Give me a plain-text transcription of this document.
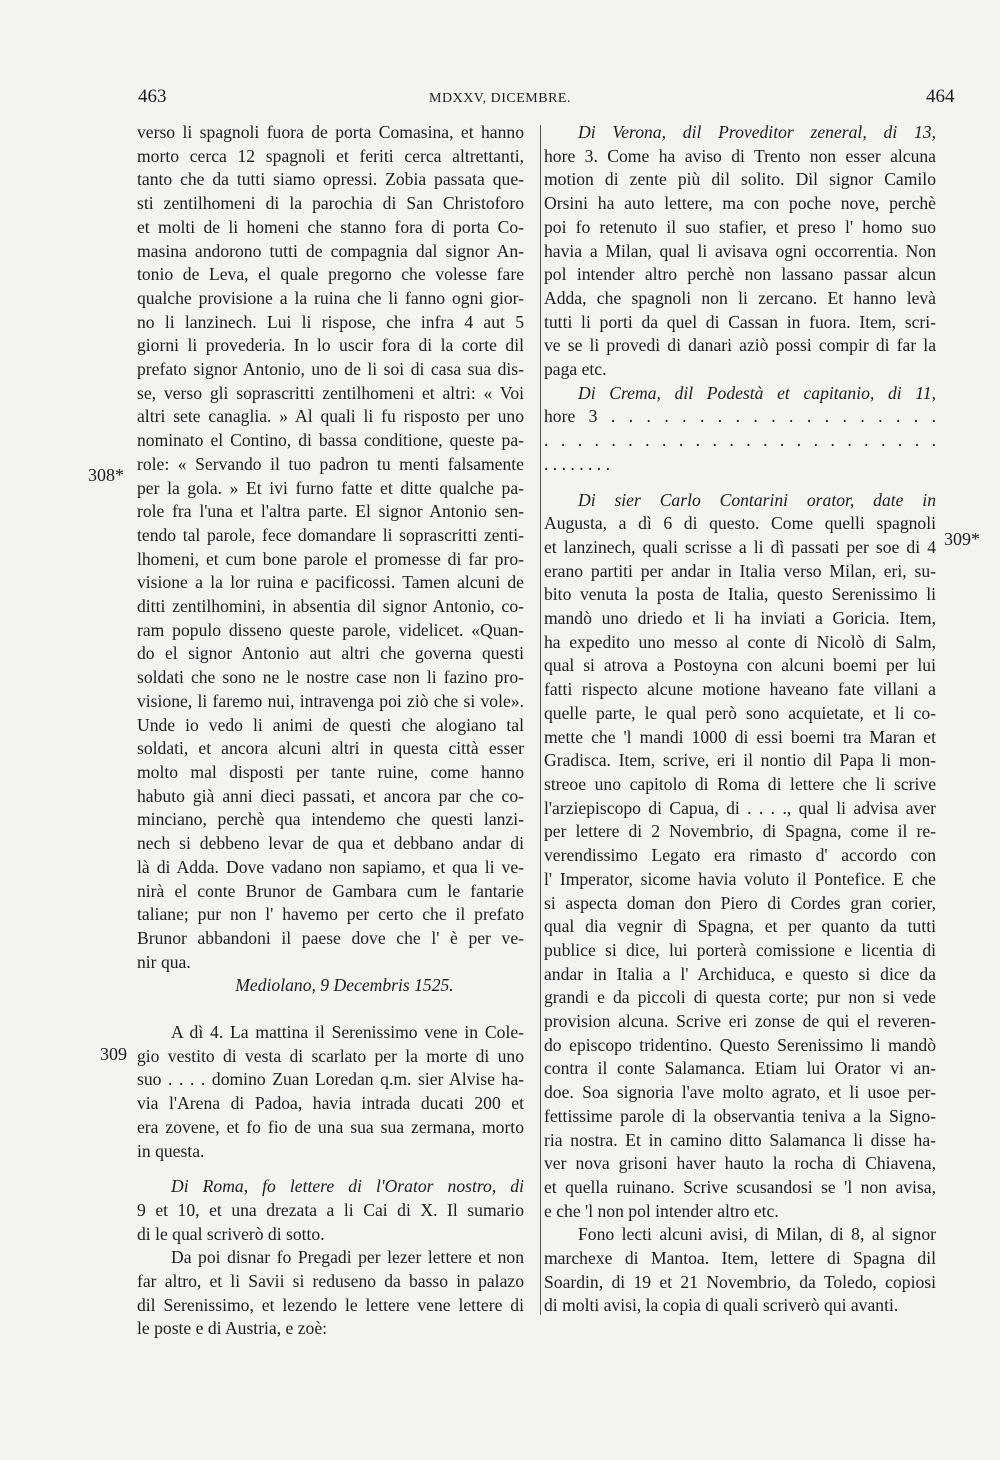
463	MDXXV, DICEMBRE.	464
308*
309
309*
verso li spagnoli fuora de porta Comasina, et hanno
morto cerca 12 spagnoli et feriti cerca altrettanti,
tanto che da tutti siamo opressi. Zobia passata que-
sti zentilhomeni di la parochia di San Christoforo
et molti de li homeni che stanno fora di porta Co-
masina andorono tutti de compagnia dal signor An-
tonio de Leva, el quale pregorno che volesse fare
qualche provisione a la ruina che li fanno ogni gior-
no li lanzinech. Lui li rispose, che infra 4 aut 5
giorni li provederia. In lo uscir fora di la corte dil
prefato signor Antonio, uno de li soi di casa sua dis-
se, verso gli soprascritti zentilhomeni et altri: « Voi
altri sete canaglia. » Al quali li fu risposto per uno
nominato el Contino, di bassa conditione, queste pa-
role: « Servando il tuo padron tu menti falsamente
per la gola. » Et ivi furno fatte et ditte qualche pa-
role fra l'una et l'altra parte. El signor Antonio sen-
tendo tal parole, fece domandare li soprascritti zenti-
lhomeni, et cum bone parole el promesse di far pro-
visione a la lor ruina e pacificossi. Tamen alcuni de
ditti zentilhomini, in absentia dil signor Antonio, co-
ram populo disseno queste parole, videlicet. «Quan-
do el signor Antonio aut altri che governa questi
soldati che sono ne le nostre case non li fazino pro-
visione, li faremo nui, intravenga poi ziò che si vole».
Unde io vedo li animi de questi che alogiano tal
soldati, et ancora alcuni altri in questa città esser
molto mal disposti per tante ruine, come hanno
habuto già anni dieci passati, et ancora par che co-
minciano, perchè qua intendemo che questi lanzi-
nech si debbeno levar de qua et debbano andar di
là di Adda. Dove vadano non sapiamo, et qua li ve-
nirà el conte Brunor de Gambara cum le fantarie
taliane; pur non l' havemo per certo che il prefato
Brunor abbandoni il paese dove che l' è per ve-
nir qua.
Mediolano, 9 Decembris 1525.
A dì 4. La mattina il Serenissimo vene in Cole-
gio vestito di vesta di scarlato per la morte di uno
suo . . . . domino Zuan Loredan q.m. sier Alvise ha-
via l'Arena di Padoa, havia intrada ducati 200 et
era zovene, et fo fio de una sua sua zermana, morto
in questa.
Di Roma, fo lettere di l'Orator nostro, di
9 et 10, et una drezata a li Cai di X. Il sumario
di le qual scriverò di sotto.
Da poi disnar fo Pregadi per lezer lettere et non
far altro, et li Savii si reduseno da basso in palazo
dil Serenissimo, et lezendo le lettere vene lettere di
le poste e di Austria, e zoè:
Di Verona, dil Proveditor zeneral, di 13,
hore 3. Come ha aviso di Trento non esser alcuna
motion di zente più dil solito. Dil signor Camilo
Orsini ha auto lettere, ma con poche nove, perchè
poi fo retenuto il suo stafier, et preso l' homo suo
havia a Milan, qual li avisava ogni occorrentia. Non
pol intender altro perchè non lassano passar alcun
Adda, che spagnoli non li zercano. Et hanno levà
tutti li porti da quel di Cassan in fuora. Item, scri-
ve se li provedi di danari aziò possi compir di far la
paga etc.
Di Crema, dil Podestà et capitanio, di 11,
hore 3 . . . . . . . . . . . . . . . . . . .
. . . . . . . . . . . . . . . . . . . . . . . .
. . . . . . . .
Di sier Carlo Contarini orator, date in
Augusta, a dì 6 di questo. Come quelli spagnoli
et lanzinech, quali scrisse a li dì passati per soe di 4
erano partiti per andar in Italia verso Milan, eri, su-
bito venuta la posta de Italia, questo Serenissimo li
mandò uno driedo et li ha inviati a Goricia. Item,
ha expedito uno messo al conte di Nicolò di Salm,
qual si atrova a Postoyna con alcuni boemi per lui
fatti rispecto alcune motione haveano fate villani a
quelle parte, le qual però sono acquietate, et li co-
mette che 'l mandi 1000 di essi boemi tra Maran et
Gradisca. Item, scrive, eri il nontio dil Papa li mon-
streoe uno capitolo di Roma di lettere che li scrive
l'arziepiscopo di Capua, di . . . ., qual li advisa aver
per lettere di 2 Novembrio, di Spagna, come il re-
verendissimo Legato era rimasto d' accordo con
l' Imperator, sicome havia voluto il Pontefice. E che
si aspecta doman don Piero di Cordes gran corier,
qual dia vegnir di Spagna, et per quanto da tutti
publice si dice, lui porterà comissione e licentia di
andar in Italia a l' Archiduca, e questo si dice da
grandi e da piccoli di questa corte; pur non si vede
provision alcuna. Scrive eri zonse de qui el reveren-
do episcopo tridentino. Questo Serenissimo li mandò
contra il conte Salamanca. Etiam lui Orator vi an-
doe. Soa signoria l'ave molto agrato, et li usoe per-
fettissime parole di la observantia teniva a la Signo-
ria nostra. Et in camino ditto Salamanca li disse ha-
ver nova grisoni haver hauto la rocha di Chiavena,
et quella ruinano. Scrive scusandosi se 'l non avisa,
e che 'l non pol intender altro etc.
Fono lecti alcuni avisi, di Milan, di 8, al signor
marchexe di Mantoa. Item, lettere di Spagna dil
Soardin, di 19 et 21 Novembrio, da Toledo, copiosi
di molti avisi, la copia di quali scriverò qui avanti.
